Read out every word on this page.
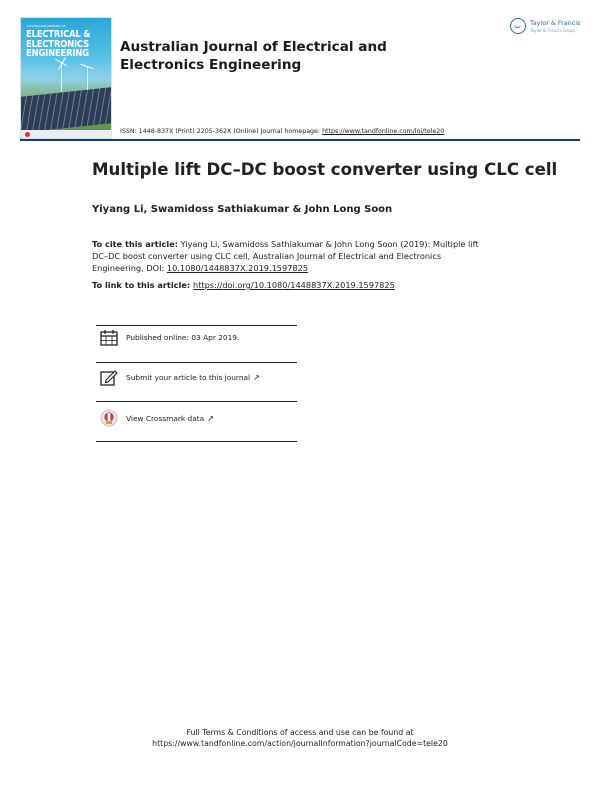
AUSTRALIAN JOURNAL OF
ELECTRICAL & ELECTRONICS ENGINEERING	Australian Journal of Electrical and Electronics Engineering
Taylor & Francis
Taylor & Francis Group
ISSN: 1448-837X (Print) 2205-362X (Online) Journal homepage: https://www.tandfonline.com/loi/tele20
Multiple lift DC–DC boost converter using CLC cell
Yiyang Li, Swamidoss Sathiakumar & John Long Soon
To cite this article: Yiyang Li, Swamidoss Sathiakumar & John Long Soon (2019): Multiple lift DC–DC boost converter using CLC cell, Australian Journal of Electrical and Electronics Engineering, DOI: 10.1080/1448837X.2019.1597825
To link to this article: https://doi.org/10.1080/1448837X.2019.1597825
Published online: 03 Apr 2019.
Submit your article to this journal ↗
View Crossmark data ↗
Full Terms & Conditions of access and use can be found at
https://www.tandfonline.com/action/journalInformation?journalCode=tele20
